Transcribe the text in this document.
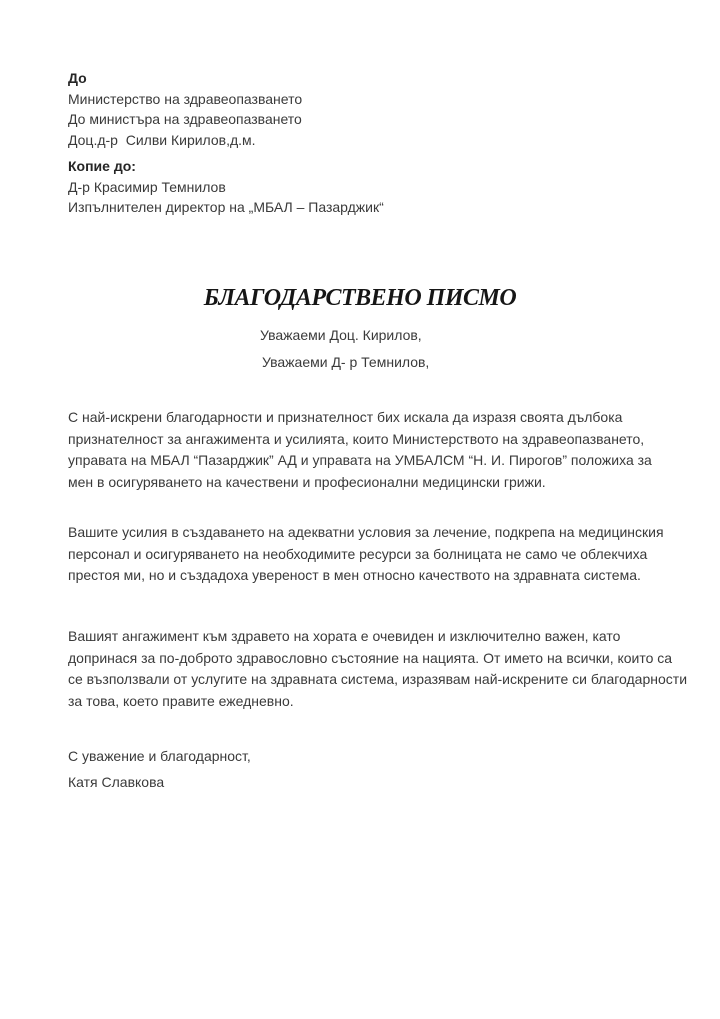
До
Министерство на здравеопазването
До министъра на здравеопазването
Доц.д-р  Силви Кирилов,д.м.
Копие до:
Д-р Красимир Темнилов
Изпълнителен директор на „МБАЛ – Пазарджик“
БЛАГОДАРСТВЕНО ПИСМО
Уважаеми Доц. Кирилов,
Уважаеми Д- р Темнилов,
С най-искрени благодарности и признателност бих искала да изразя своята дълбока
признателност за ангажимента и усилията, които Министерството на здравеопазването,
управата на МБАЛ “Пазарджик” АД и управата на УМБАЛСМ “Н. И. Пирогов” положиха за
мен в осигуряването на качествени и професионални медицински грижи.
Вашите усилия в създаването на адекватни условия за лечение, подкрепа на медицинския
персонал и осигуряването на необходимите ресурси за болницата не само че облекчиха
престоя ми, но и създадоха увереност в мен относно качеството на здравната система.
Вашият ангажимент към здравето на хората е очевиден и изключително важен, като
допринася за по-доброто здравословно състояние на нацията. От името на всички, които са
се възползвали от услугите на здравната система, изразявам най-искрените си благодарности
за това, което правите ежедневно.
С уважение и благодарност,
Катя Славкова
